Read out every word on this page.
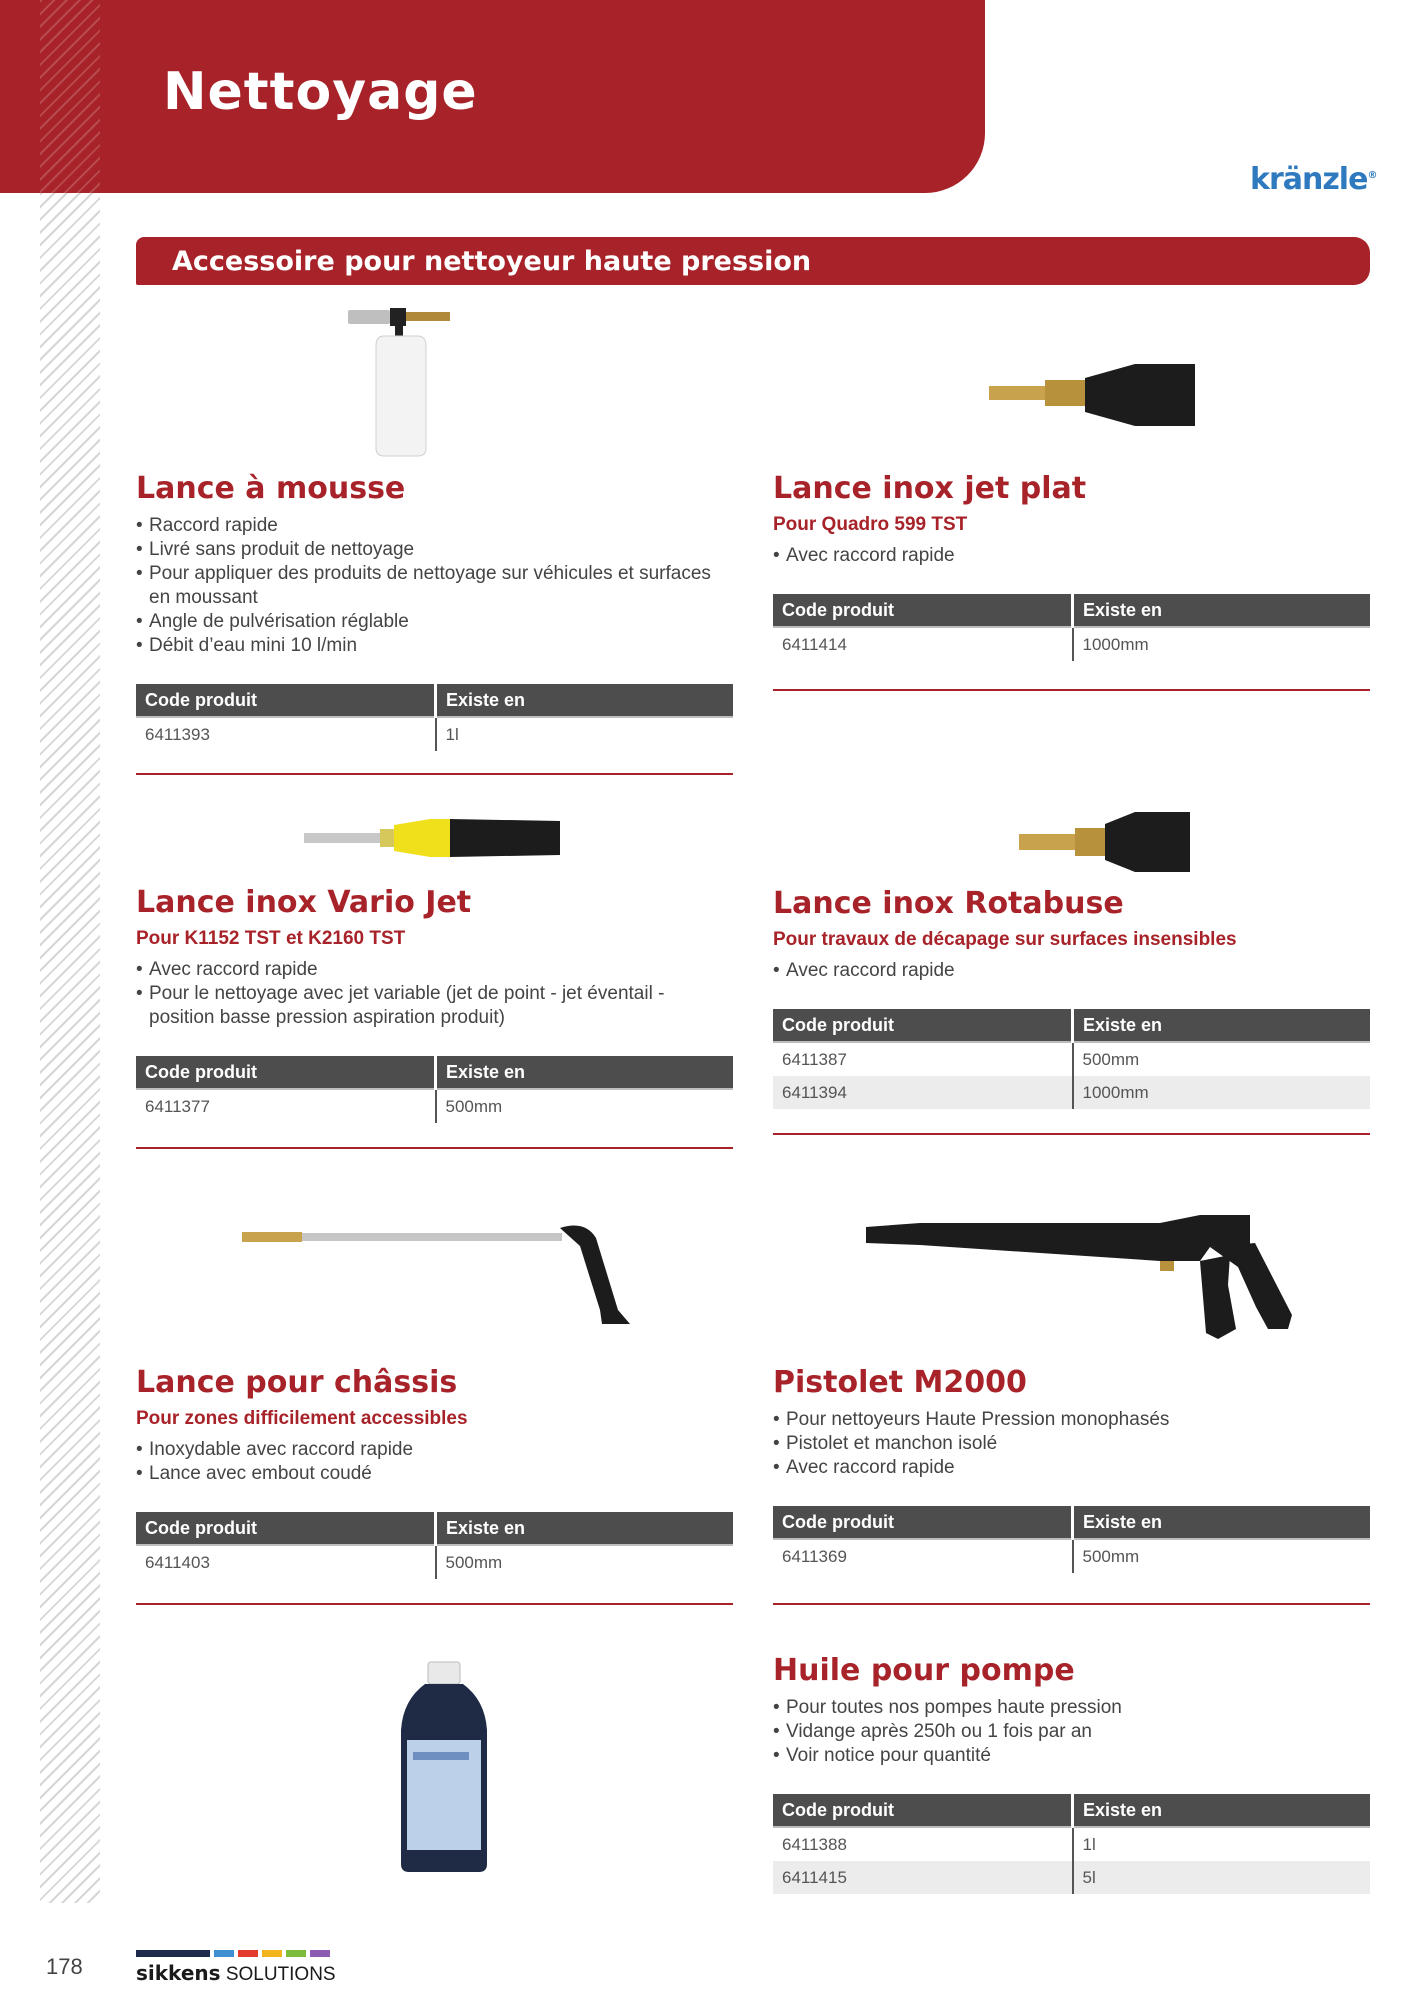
Nettoyage
kränzle®
Accessoire pour nettoyeur haute pression
Lance à mousse
• Raccord rapide
• Livré sans produit de nettoyage
• Pour appliquer des produits de nettoyage sur véhicules et surfaces en moussant
• Angle de pulvérisation réglable
• Débit d’eau mini 10 l/min
Code produit	Existe en
6411393	1l
Lance inox jet plat

Pour Quadro 599 TST

• Avec raccord rapide
Code produit	Existe en
6411414	1000mm
Lance inox Vario Jet

Pour K1152 TST et K2160 TST

• Avec raccord rapide
• Pour le nettoyage avec jet variable (jet de point - jet éventail - position basse pression aspiration produit)
Code produit	Existe en
6411377	500mm
Lance inox Rotabuse

Pour travaux de décapage sur surfaces insensibles

• Avec raccord rapide
Code produit	Existe en
6411387	500mm
6411394	1000mm
Lance pour châssis

Pour zones difficilement accessibles

• Inoxydable avec raccord rapide
• Lance avec embout coudé
Code produit	Existe en
6411403	500mm
Pistolet M2000
• Pour nettoyeurs Haute Pression monophasés
• Pistolet et manchon isolé
• Avec raccord rapide
Code produit	Existe en
6411369	500mm
Huile pour pompe
• Pour toutes nos pompes haute pression
• Vidange après 250h ou 1 fois par an
• Voir notice pour quantité
Code produit	Existe en
6411388	1l
6411415	5l
178	sikkens SOLUTIONS
